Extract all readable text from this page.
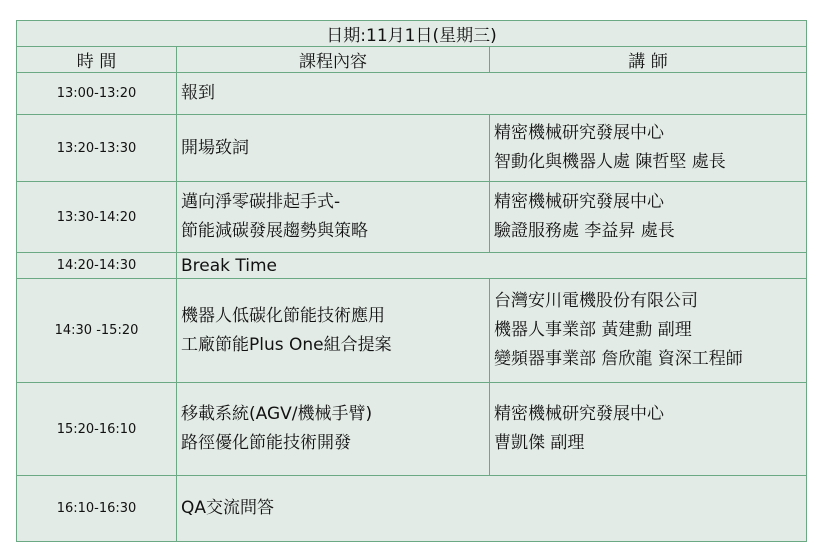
日期:11月1日(星期三)		
時 間	課程內容	講 師
13:00-13:20	報到	

13:20-13:30	開場致詞	精密機械研究發展中心
智動化與機器人處 陳哲堅 處長

13:30-14:20	邁向淨零碳排起手式-
節能減碳發展趨勢與策略	精密機械研究發展中心
驗證服務處 李益昇 處長

14:20-14:30	Break Time	

14:30 -15:20	機器人低碳化節能技術應用
工廠節能Plus One組合提案	台灣安川電機股份有限公司
機器人事業部 黃建勳 副理
變頻器事業部 詹欣龍 資深工程師

15:20-16:10	移載系統(AGV/機械手臂)
路徑優化節能技術開發	精密機械研究發展中心
曹凱傑 副理

16:10-16:30	QA交流問答	
